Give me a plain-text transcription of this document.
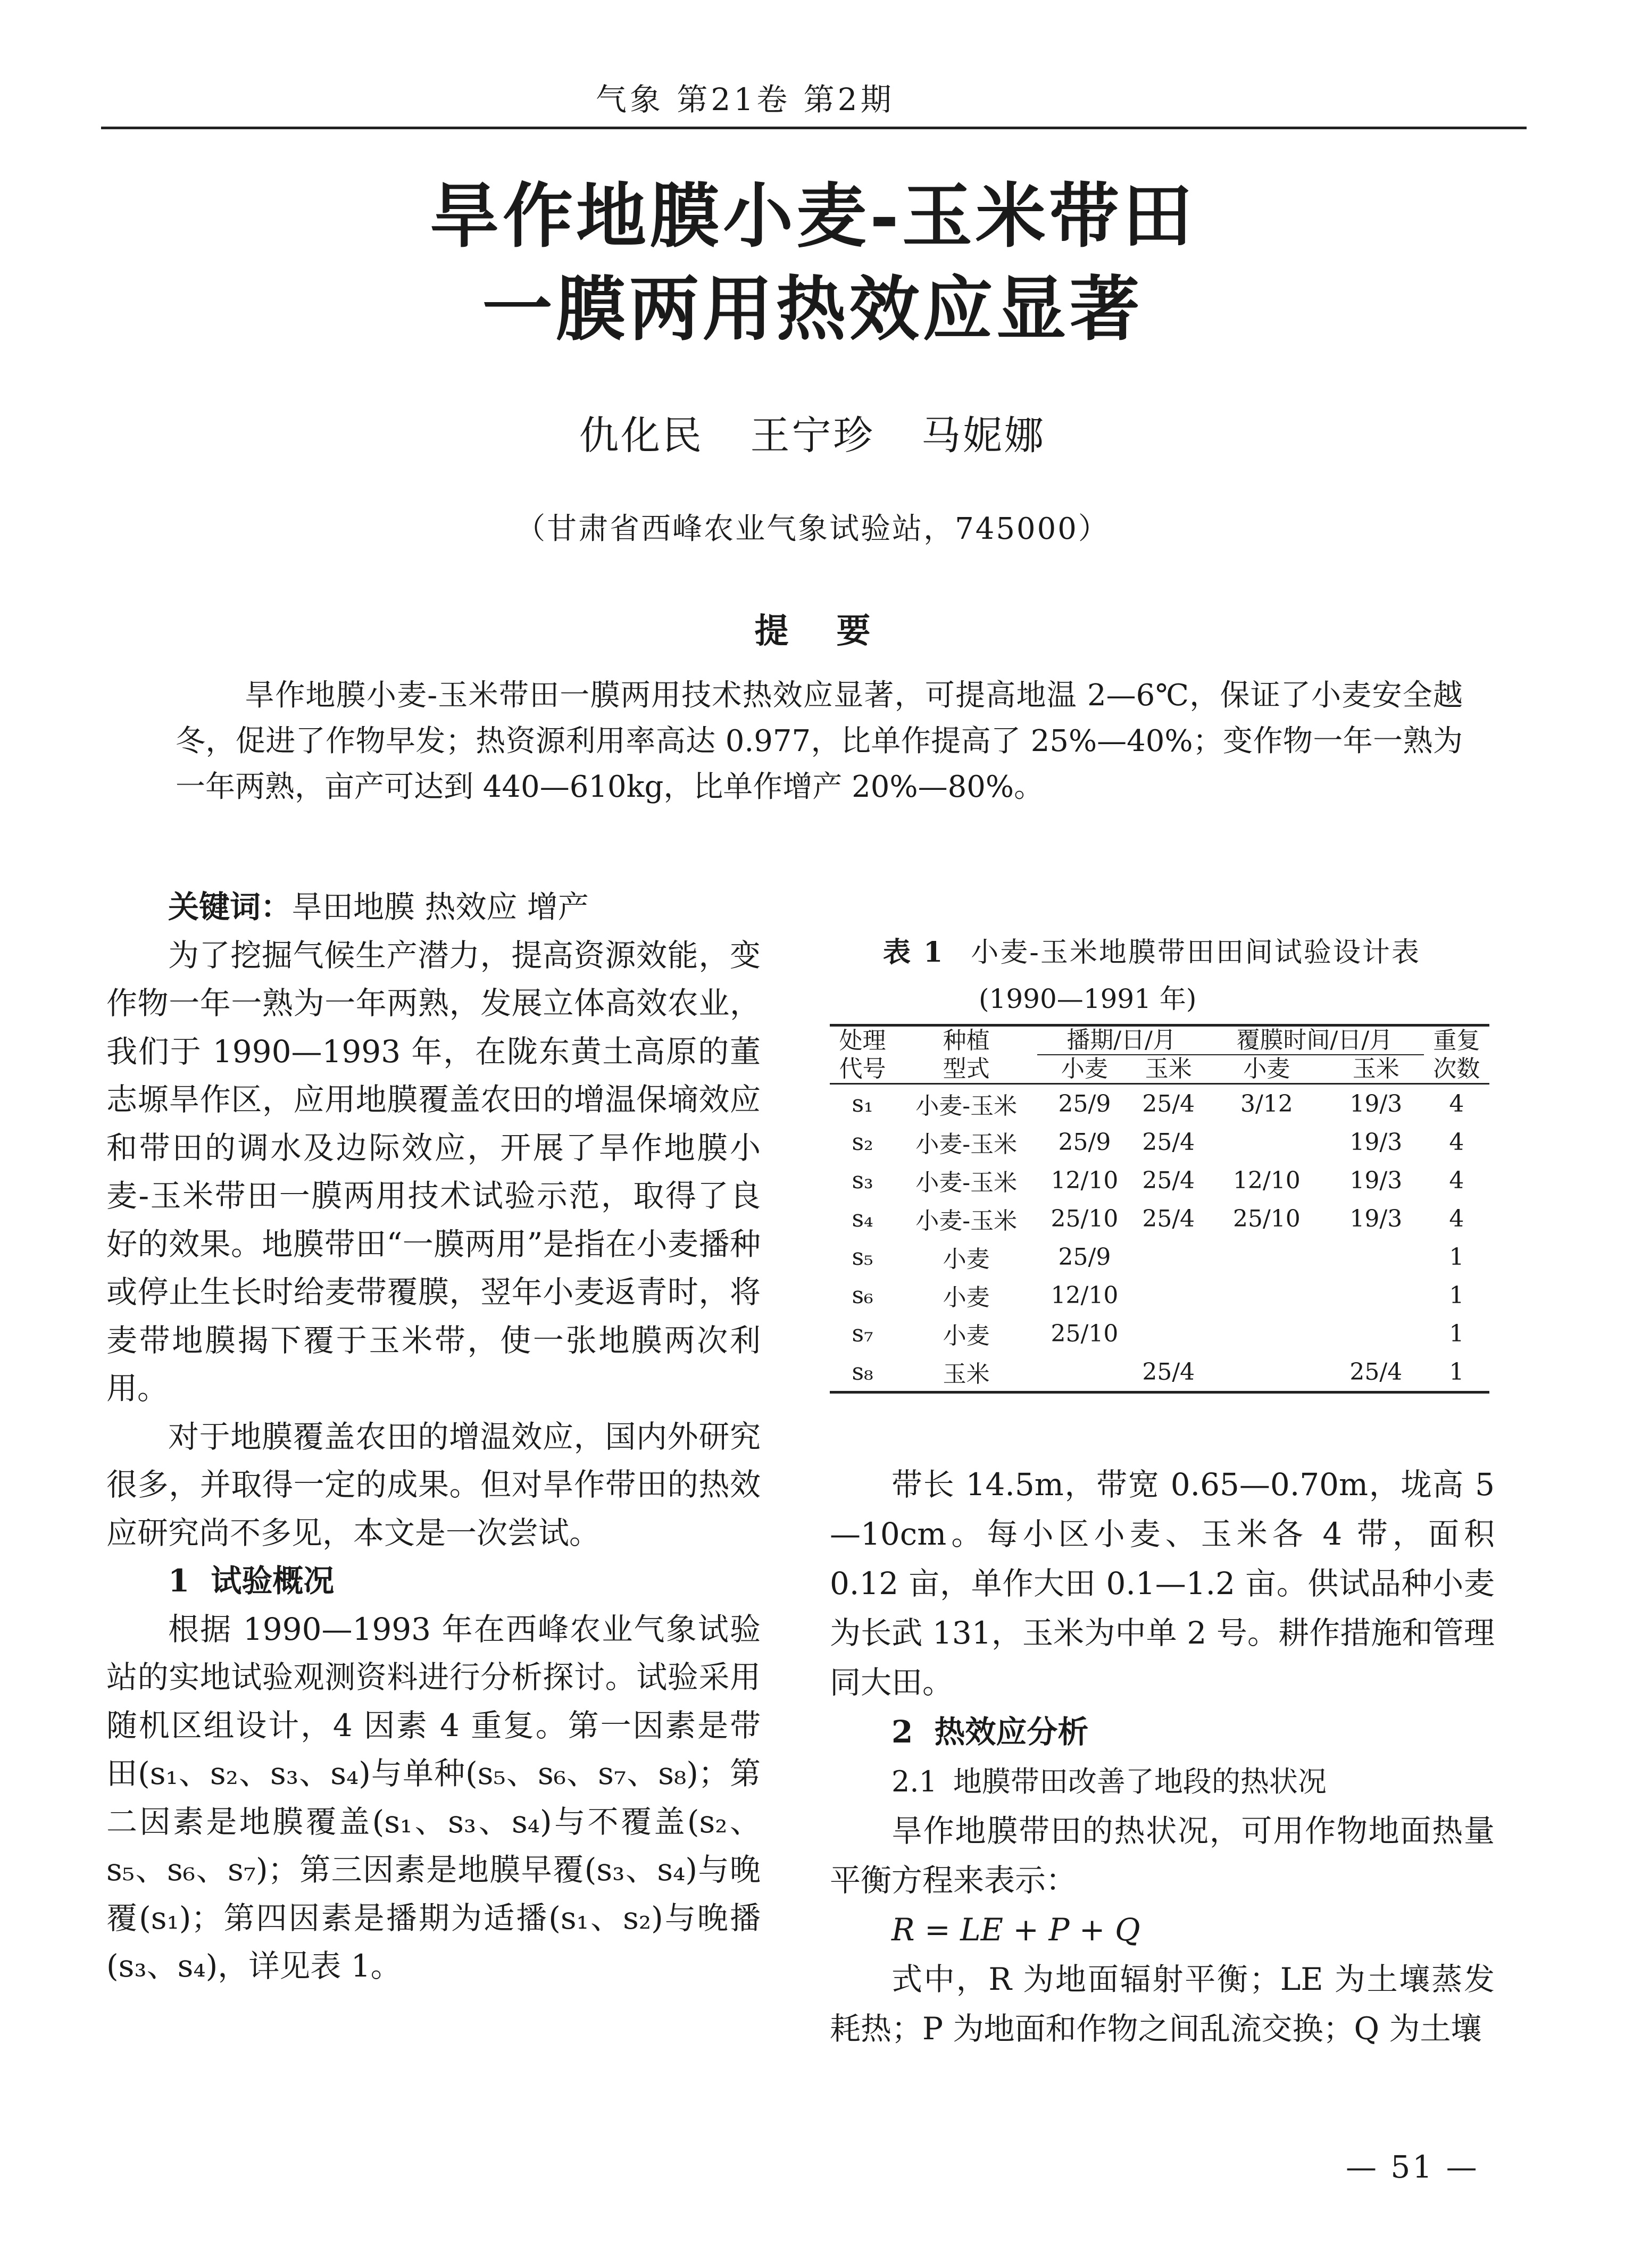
气象 第21卷 第2期
旱作地膜小麦-玉米带田
一膜两用热效应显著
仇化民 王宁珍 马妮娜
（甘肃省西峰农业气象试验站，745000）
提要
旱作地膜小麦-玉米带田一膜两用技术热效应显著，可提高地温 2—6℃，保证了小麦安全越冬，促进了作物早发；热资源利用率高达 0.977，比单作提高了 25%—40%；变作物一年一熟为一年两熟，亩产可达到 440—610kg，比单作增产 20%—80%。

关键词：旱田地膜 热效应 增产

为了挖掘气候生产潜力，提高资源效能，变作物一年一熟为一年两熟，发展立体高效农业，我们于 1990—1993 年，在陇东黄土高原的董志塬旱作区，应用地膜覆盖农田的增温保墒效应和带田的调水及边际效应，开展了旱作地膜小麦-玉米带田一膜两用技术试验示范，取得了良好的效果。地膜带田“一膜两用”是指在小麦播种或停止生长时给麦带覆膜，翌年小麦返青时，将麦带地膜揭下覆于玉米带，使一张地膜两次利用。

对于地膜覆盖农田的增温效应，国内外研究很多，并取得一定的成果。但对旱作带田的热效应研究尚不多见，本文是一次尝试。

1 试验概况

根据 1990—1993 年在西峰农业气象试验站的实地试验观测资料进行分析探讨。试验采用随机区组设计，4 因素 4 重复。第一因素是带田(s₁、s₂、s₃、s₄)与单种(s₅、s₆、s₇、s₈)；第二因素是地膜覆盖(s₁、s₃、s₄)与不覆盖(s₂、s₅、s₆、s₇)；第三因素是地膜早覆(s₃、s₄)与晚覆(s₁)；第四因素是播期为适播(s₁、s₂)与晚播(s₃、s₄)，详见表 1。

表 1 小麦-玉米地膜带田田间试验设计表
(1990—1991 年)
处理	种植	播期/日/月		覆膜时间/日/月		重复
代号	型式	小麦	玉米	小麦	玉米	次数
s₁	小麦-玉米	25/9	25/4	3/12	19/3	4
s₂	小麦-玉米	25/9	25/4		19/3	4
s₃	小麦-玉米	12/10	25/4	12/10	19/3	4
s₄	小麦-玉米	25/10	25/4	25/10	19/3	4
s₅	小麦	25/9				1
s₆	小麦	12/10				1
s₇	小麦	25/10				1
s₈	玉米		25/4		25/4	1

带长 14.5m，带宽 0.65—0.70m，垅高 5—10cm。每小区小麦、玉米各 4 带，面积 0.12 亩，单作大田 0.1—1.2 亩。供试品种小麦为长武 131，玉米为中单 2 号。耕作措施和管理同大田。

2 热效应分析

2.1 地膜带田改善了地段的热状况

旱作地膜带田的热状况，可用作物地面热量平衡方程来表示：

R = LE + P + Q

式中，R 为地面辐射平衡；LE 为土壤蒸发耗热；P 为地面和作物之间乱流交换；Q 为土壤

— 51 —
